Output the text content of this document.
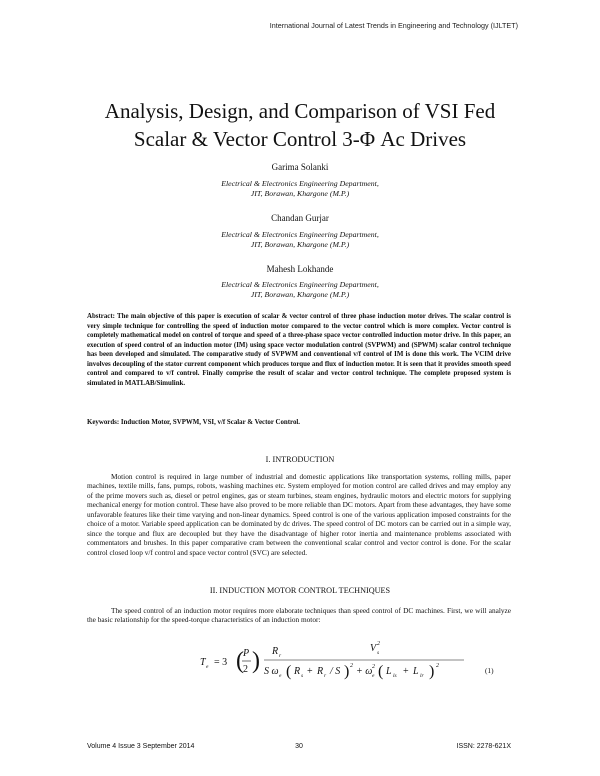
International Journal of Latest Trends in Engineering and Technology (IJLTET)
Analysis, Design, and Comparison of VSI Fed
Scalar & Vector Control 3-Φ Ac Drives
Garima Solanki
Electrical & Electronics Engineering Department,
JIT, Borawan, Khargone (M.P.)
Chandan Gurjar
Electrical & Electronics Engineering Department,
JIT, Borawan, Khargone (M.P.)
Mahesh Lokhande
Electrical & Electronics Engineering Department,
JIT, Borawan, Khargone (M.P.)
Abstract: The main objective of this paper is execution of scalar & vector control of three phase induction motor drives. The scalar control is very simple technique for controlling the speed of induction motor compared to the vector control which is more complex. Vector control is completely mathematical model on control of torque and speed of a three-phase space vector controlled induction motor drive. In this paper, an execution of speed control of an induction motor (IM) using space vector modulation control (SVPWM) and (SPWM) scalar control technique has been developed and simulated. The comparative study of SVPWM and conventional v/f control of IM is done this work. The VCIM drive involves decoupling of the stator current component which produces torque and flux of induction motor. It is seen that it provides smooth speed control and compared to v/f control. Finally comprise the result of scalar and vector control technique. The complete proposed system is simulated in MATLAB/Simulink.
Keywords: Induction Motor, SVPWM, VSI, v/f Scalar & Vector Control.
I. INTRODUCTION

Motion control is required in large number of industrial and domestic applications like transportation systems, rolling mills, paper machines, textile mills, fans, pumps, robots, washing machines etc. System employed for motion control are called drives and may employ any of the prime movers such as, diesel or petrol engines, gas or steam turbines, steam engines, hydraulic motors and electric motors for supplying mechanical energy for motion control. These have also proved to be more reliable than DC motors. Apart from these advantages, they have some unfavorable features like their time varying and non-linear dynamics. Speed control is one of the various application imposed constraints for the choice of a motor. Variable speed application can be dominated by dc drives. The speed control of DC motors can be carried out in a simple way, since the torque and flux are decoupled but they have the disadvantage of higher rotor inertia and maintenance problems associated with commentators and brushes. In this paper comparative cram between the conventional scalar control and vector control is done. For the scalar control closed loop v/f control and space vector control (SVC) are selected.

II. INDUCTION MOTOR CONTROL TECHNIQUES

The speed control of an induction motor requires more elaborate techniques than speed control of DC machines. First, we will analyze the basic relationship for the speed-torque characteristics of an induction motor:

T e = 3 ( P
2 ) R r
V 2
s
S ω e ( R s + R r / S ) 2 + ω 2
e ( L ls + L lr ) 2	(1)
Volume 4 Issue 3 September 2014	30	ISSN: 2278-621X
